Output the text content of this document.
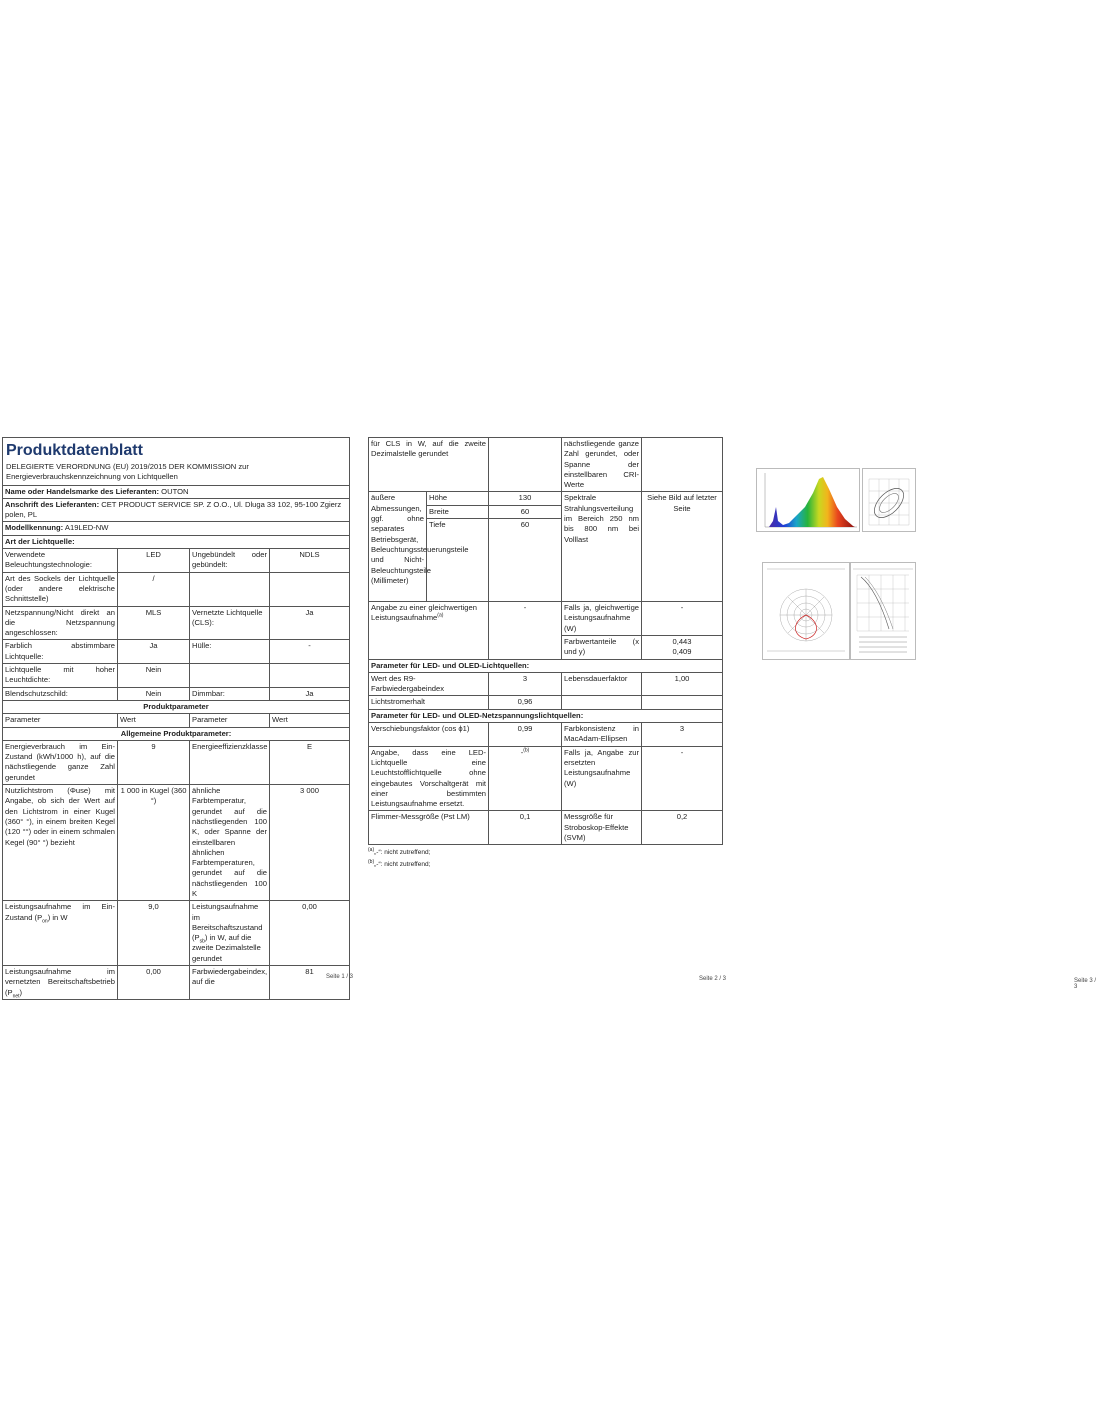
Produktdatenblatt
DELEGIERTE VERORDNUNG (EU) 2019/2015 DER KOMMISSION zur Energieverbrauchskennzeichnung von Lichtquellen
Name oder Handelsmarke des Lieferanten: OUTON			
Anschrift des Lieferanten: CET PRODUCT SERVICE SP. Z O.O., Ul. Dluga 33 102, 95-100 Zgierz polen, PL			
Modellkennung: A19LED-NW			
Art der Lichtquelle:			
Verwendete Beleuchtungstechnologie:	LED	Ungebündelt oder gebündelt:	NDLS
Art des Sockels der Lichtquelle (oder andere elektrische Schnittstelle)	/		
Netzspannung/Nicht direkt an die Netzspannung angeschlossen:	MLS	Vernetzte Lichtquelle (CLS):	Ja
Farblich abstimmbare Lichtquelle:	Ja	Hülle:	-
Lichtquelle mit hoher Leuchtdichte:	Nein		
Blendschutzschild:	Nein	Dimmbar:	Ja
Produktparameter			
Parameter	Wert	Parameter	Wert
Allgemeine Produktparameter:			
Energieverbrauch im Ein-Zustand (kWh/1000 h), auf die nächstliegende ganze Zahl gerundet	9	Energieeffizienzklasse	E
Nutzlichtstrom (Φuse) mit Angabe, ob sich der Wert auf den Lichtstrom in einer Kugel (360° °), in einem breiten Kegel (120 °°) oder in einem schmalen Kegel (90° °) bezieht	1 000 in Kugel (360 °)	ähnliche Farbtemperatur, gerundet auf die nächstliegenden 100 K, oder Spanne der einstellbaren ähnlichen Farbtemperaturen, gerundet auf die nächstliegenden 100 K	3 000
Leistungsaufnahme im Ein-Zustand $(P_{on})$ in W	9,0	Leistungsaufnahme im Bereitschaftszustand $(P_{sb})$ in W, auf die zweite Dezimalstelle gerundet	0,00
Leistungsaufnahme im vernetzten Bereitschaftsbetrieb $(P_{net})$	0,00	Farbwiedergabeindex, auf die	81
Seite 1 / 3
für CLS in W, auf die zweite Dezimalstelle gerundet			nächstliegende ganze Zahl gerundet, oder Spanne der einstellbaren CRI-Werte	
äußere Abmessungen, ggf. ohne separates Betriebsgerät, Beleuchtungssteuerungsteile und Nicht-Beleuchtungsteile (Millimeter)	Höhe	130	Spektrale Strahlungsverteilung im Bereich 250 nm bis 800 nm bei Volllast	Siehe Bild auf letzter Seite
	Breite	60		
	Tiefe	60		
Angabe zu einer gleichwertigen Leistungsaufnahme$^{(a)}$		-	Falls ja, gleichwertige Leistungsaufnahme (W)	-
			Farbwertanteile (x und y)	0,443
0,409

Parameter für LED- und OLED-Lichtquellen:				
Wert des R9-Farbwiedergabeindex		3	Lebensdauerfaktor	1,00
Lichtstromerhalt		0,96		
Parameter für LED- und OLED-Netzspannungslichtquellen:				
Verschiebungsfaktor (cos ϕ1)		0,99	Farbkonsistenz in MacAdam-Ellipsen	3
Angabe, dass eine LED-Lichtquelle eine Leuchtstofflichtquelle ohne eingebautes Vorschaltgerät mit einer bestimmten Leistungsaufnahme ersetzt.		-$^{(b)}$	Falls ja, Angabe zur ersetzten Leistungsaufnahme (W)	-
Flimmer-Messgröße (Pst LM)		0,1	Messgröße für Stroboskop-Effekte (SVM)	0,2
$^{(a)}$„-“: nicht zutreffend;
$^{(b)}$„-“: nicht zutreffend;
Seite 2 / 3	Seite 3 / 3
